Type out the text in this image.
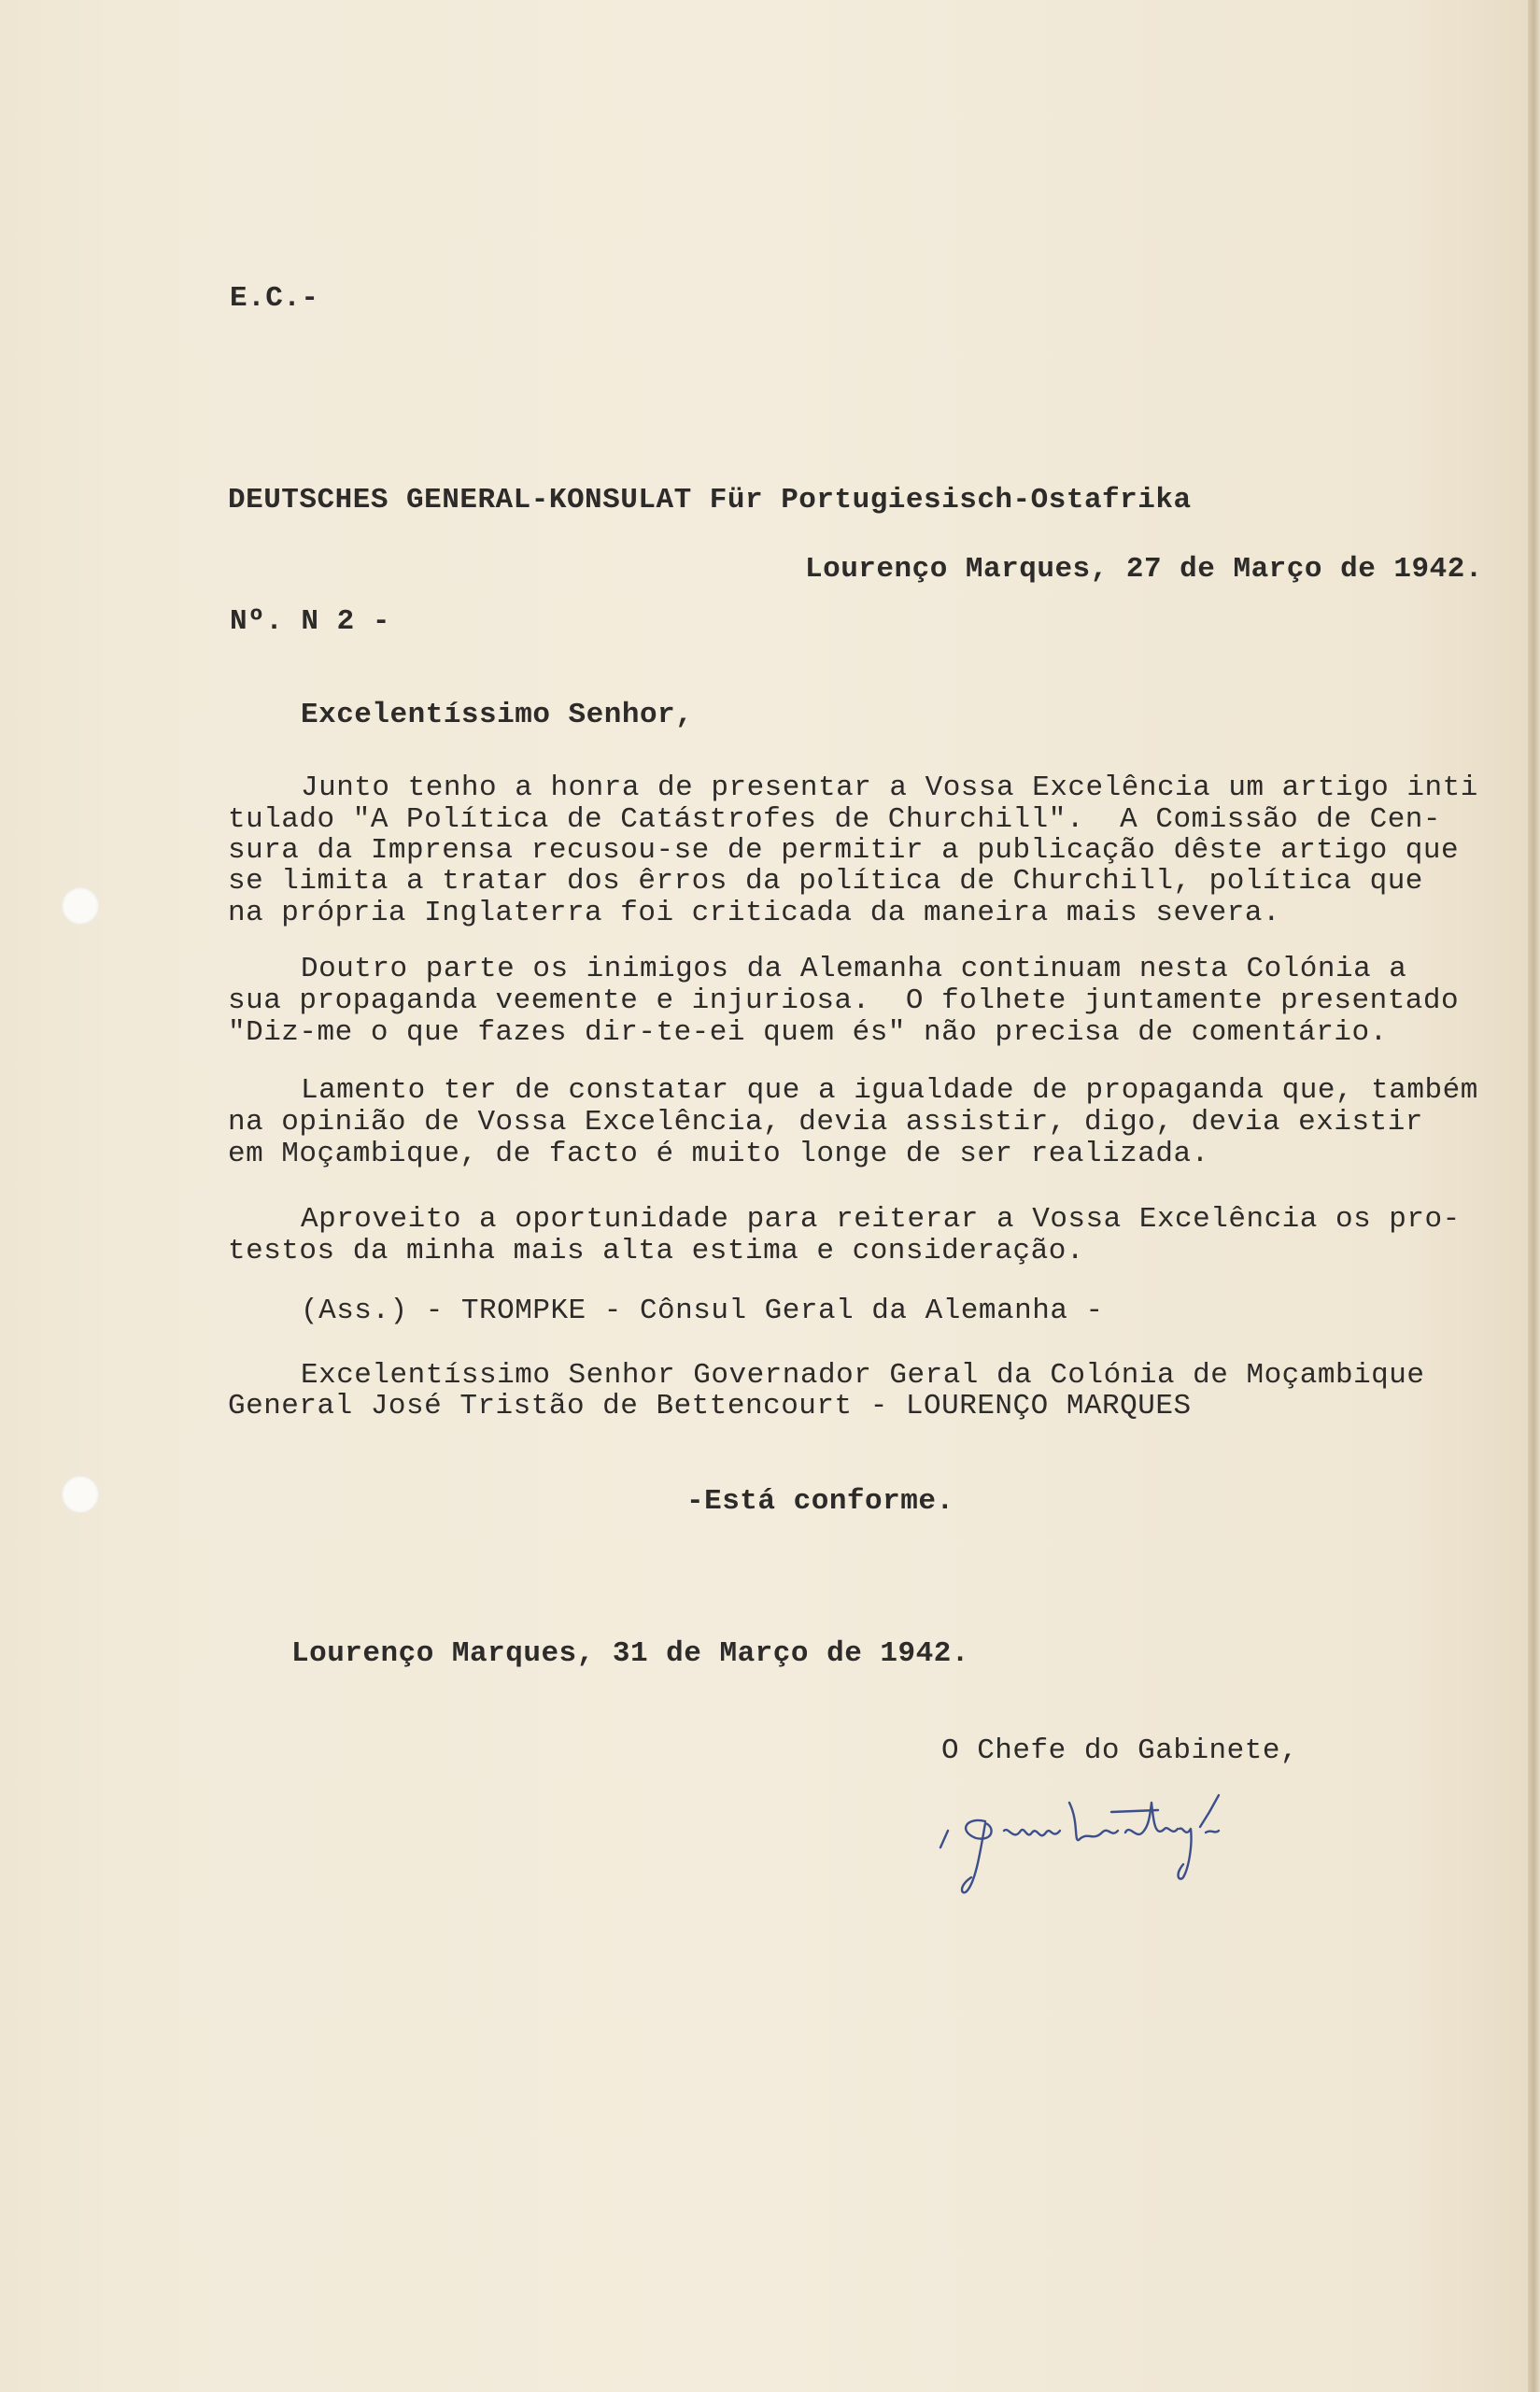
E.C.-
DEUTSCHES GENERAL-KONSULAT Für Portugiesisch-Ostafrika
Lourenço Marques, 27 de Março de 1942.
Nº. N 2 -
Excelentíssimo Senhor,
Junto tenho a honra de presentar a Vossa Excelência um artigo inti
tulado "A Política de Catástrofes de Churchill".  A Comissão de Cen-
sura da Imprensa recusou-se de permitir a publicação dêste artigo que
se limita a tratar dos êrros da política de Churchill, política que
na própria Inglaterra foi criticada da maneira mais severa.
Doutro parte os inimigos da Alemanha continuam nesta Colónia a
sua propaganda veemente e injuriosa.  O folhete juntamente presentado
"Diz-me o que fazes dir-te-ei quem és" não precisa de comentário.
Lamento ter de constatar que a igualdade de propaganda que, também
na opinião de Vossa Excelência, devia assistir, digo, devia existir
em Moçambique, de facto é muito longe de ser realizada.
Aproveito a oportunidade para reiterar a Vossa Excelência os pro-
testos da minha mais alta estima e consideração.
(Ass.) - TROMPKE - Cônsul Geral da Alemanha -
Excelentíssimo Senhor Governador Geral da Colónia de Moçambique
General José Tristão de Bettencourt - LOURENÇO MARQUES
-Está conforme.
Lourenço Marques, 31 de Março de 1942.
O Chefe do Gabinete,
